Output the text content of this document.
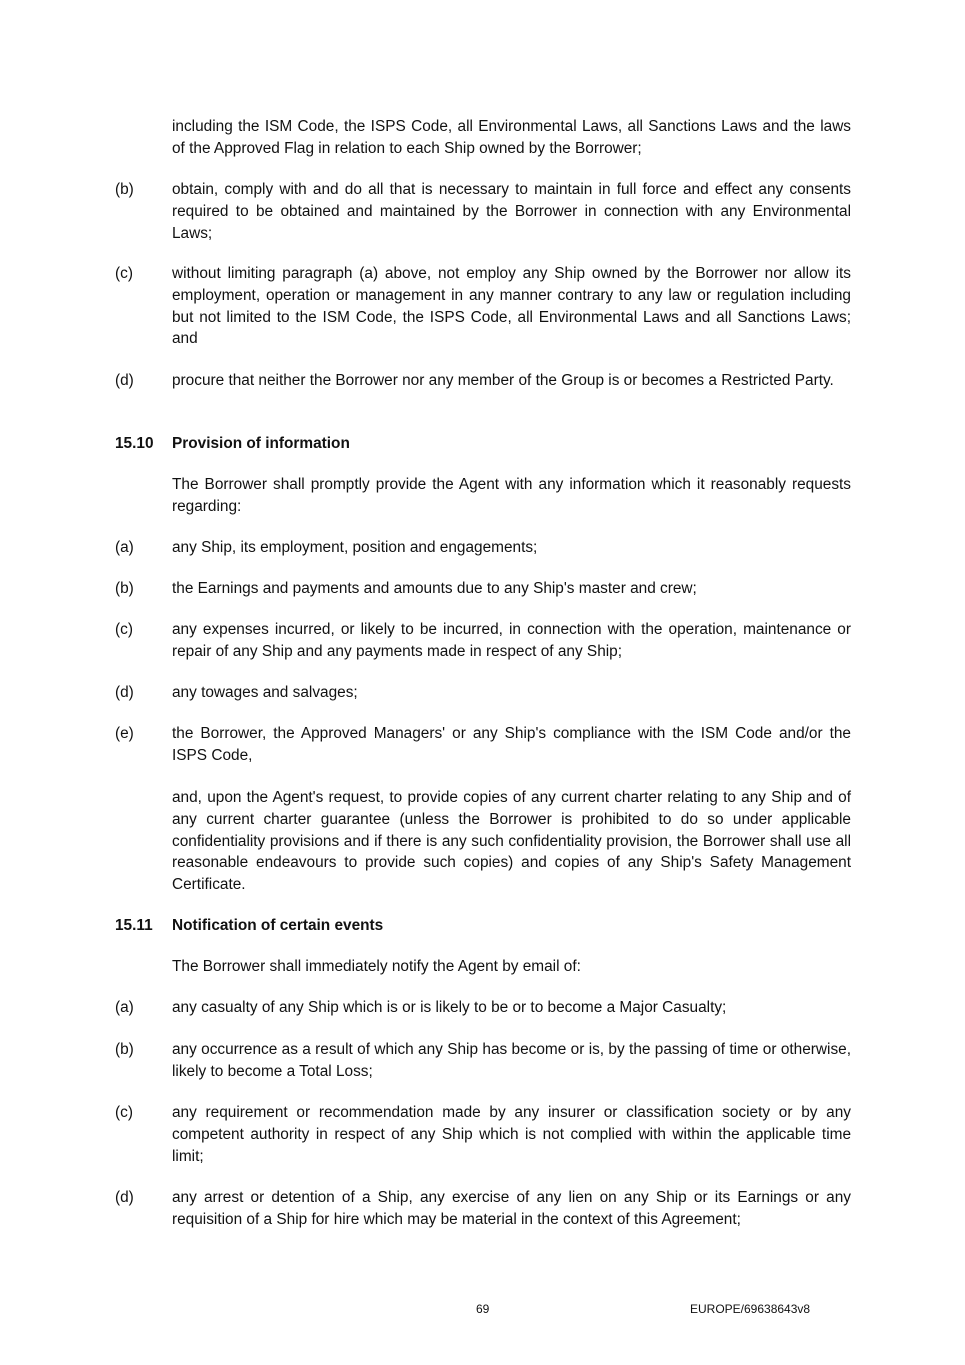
including the ISM Code, the ISPS Code, all Environmental Laws, all Sanctions Laws and the laws of the Approved Flag in relation to each Ship owned by the Borrower;
(b) obtain, comply with and do all that is necessary to maintain in full force and effect any consents required to be obtained and maintained by the Borrower in connection with any Environmental Laws;
(c)	without limiting paragraph (a) above, not employ any Ship owned by the Borrower nor allow its employment, operation or management in any manner contrary to any law or regulation including but not limited to the ISM Code, the ISPS Code, all Environmental Laws and all Sanctions Laws; and
(d) procure that neither the Borrower nor any member of the Group is or becomes a Restricted Party.
15.10 Provision of information
The Borrower shall promptly provide the Agent with any information which it reasonably requests regarding:
(a) any Ship, its employment, position and engagements;
(b) the Earnings and payments and amounts due to any Ship's master and crew;
(c)	any expenses incurred, or likely to be incurred, in connection with the operation, maintenance or repair of any Ship and any payments made in respect of any Ship;
(d) any towages and salvages;
(e) the Borrower, the Approved Managers' or any Ship's compliance with the ISM Code and/or the ISPS Code,
and, upon the Agent's request, to provide copies of any current charter relating to any Ship and of any current charter guarantee (unless the Borrower is prohibited to do so under applicable confidentiality provisions and if there is any such confidentiality provision, the Borrower shall use all reasonable endeavours to provide such copies) and copies of any Ship's Safety Management Certificate.
15.11 Notification of certain events
The Borrower shall immediately notify the Agent by email of:
(a) any casualty of any Ship which is or is likely to be or to become a Major Casualty;
(b) any occurrence as a result of which any Ship has become or is, by the passing of time or otherwise, likely to become a Total Loss;
(c)	any requirement or recommendation made by any insurer or classification society or by any competent authority in respect of any Ship which is not complied with within the applicable time limit;
(d) any arrest or detention of a Ship, any exercise of any lien on any Ship or its Earnings or any requisition of a Ship for hire which may be material in the context of this Agreement;
69	EUROPE/69638643v8
